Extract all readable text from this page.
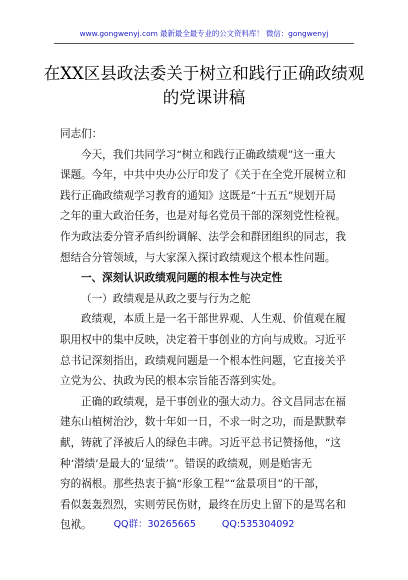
www.gongwenyj.com 最新最全最专业的公文资料库！ 微信：gongwenyj
在XX区县政法委关于树立和践行正确政绩观
的党课讲稿
同志们：
今天，我们共同学习“树立和践行正确政绩观”这一重大
课题。今年，中共中央办公厅印发了《关于在全党开展树立和
践行正确政绩观学习教育的通知》这既是“十五五”规划开局
之年的重大政治任务，也是对每名党员干部的深刻党性检视。
作为政法委分管矛盾纠纷调解、法学会和群团组织的同志，我
想结合分管领域，与大家深入探讨政绩观这个根本性问题。
一、深刻认识政绩观问题的根本性与决定性
（一）政绩观是从政之要与行为之舵
政绩观，本质上是一名干部世界观、人生观、价值观在履
职用权中的集中反映，决定着干事创业的方向与成败。习近平
总书记深刻指出，政绩观问题是一个根本性问题，它直接关乎
立党为公、执政为民的根本宗旨能否落到实处。
正确的政绩观，是干事创业的强大动力。谷文昌同志在福
建东山植树治沙，数十年如一日，不求一时之功，而是默默奉
献，铸就了泽被后人的绿色丰碑。习近平总书记赞扬他，“这
种‘潜绩’是最大的‘显绩’”。错误的政绩观，则是贻害无
穷的祸根。那些热衷于搞“形象工程”“盆景项目”的干部，
看似轰轰烈烈，实则劳民伤财，最终在历史上留下的是骂名和
包袱。	QQ群：30265665	QQ:535304092
